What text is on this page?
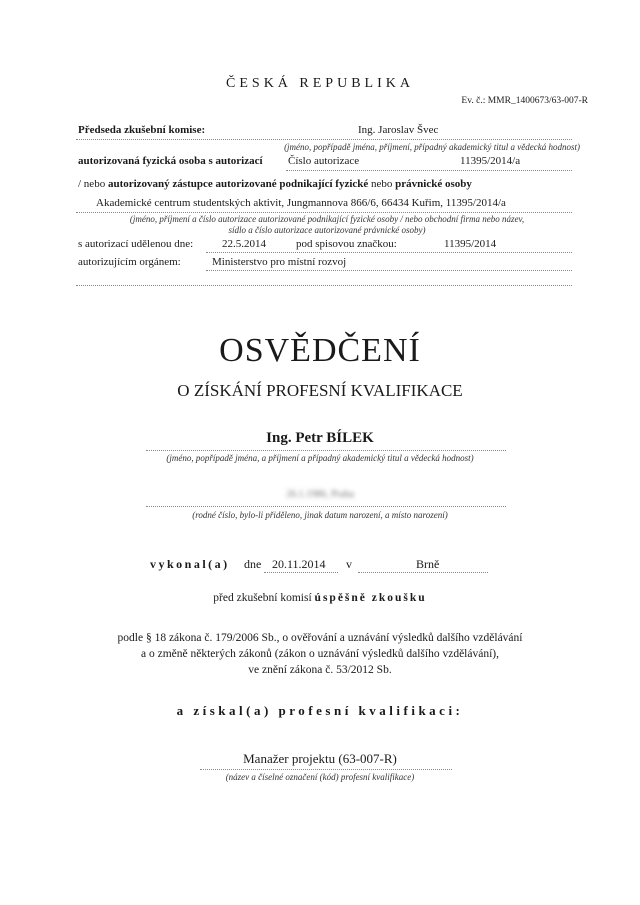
ČESKÁ REPUBLIKA
Ev. č.: MMR_1400673/63-007-R
Předseda zkušební komise:	Ing. Jaroslav Švec
(jméno, popřípadě jména, příjmení, případný akademický titul a vědecká hodnost)
autorizovaná fyzická osoba s autorizací Číslo autorizace	11395/2014/a
/ nebo autorizovaný zástupce autorizované podnikající fyzické nebo právnické osoby
Akademické centrum studentských aktivit, Jungmannova 866/6, 66434 Kuřim, 11395/2014/a
(jméno, příjmení a číslo autorizace autorizované podnikající fyzické osoby / nebo obchodní firma nebo název,
sídlo a číslo autorizace autorizované právnické osoby)
s autorizací udělenou dne:	22.5.2014	pod spisovou značkou:	11395/2014
autorizujícím orgánem:	Ministerstvo pro místní rozvoj
OSVĚDČENÍ
O ZÍSKÁNÍ PROFESNÍ KVALIFIKACE
Ing. Petr BÍLEK
(jméno, popřípadě jména, a příjmení a případný akademický titul a vědecká hodnost)
26.1.1986, Praha
(rodné číslo, bylo-li přiděleno, jinak datum narození, a místo narození)
vykonal(a) dne 20.11.2014 v	Brně
před zkušební komisí úspěšně zkoušku
podle § 18 zákona č. 179/2006 Sb., o ověřování a uznávání výsledků dalšího vzdělávání
a o změně některých zákonů (zákon o uznávání výsledků dalšího vzdělávání),
ve znění zákona č. 53/2012 Sb.
a získal(a) profesní kvalifikaci:
Manažer projektu (63-007-R)
(název a číselné označení (kód) profesní kvalifikace)
